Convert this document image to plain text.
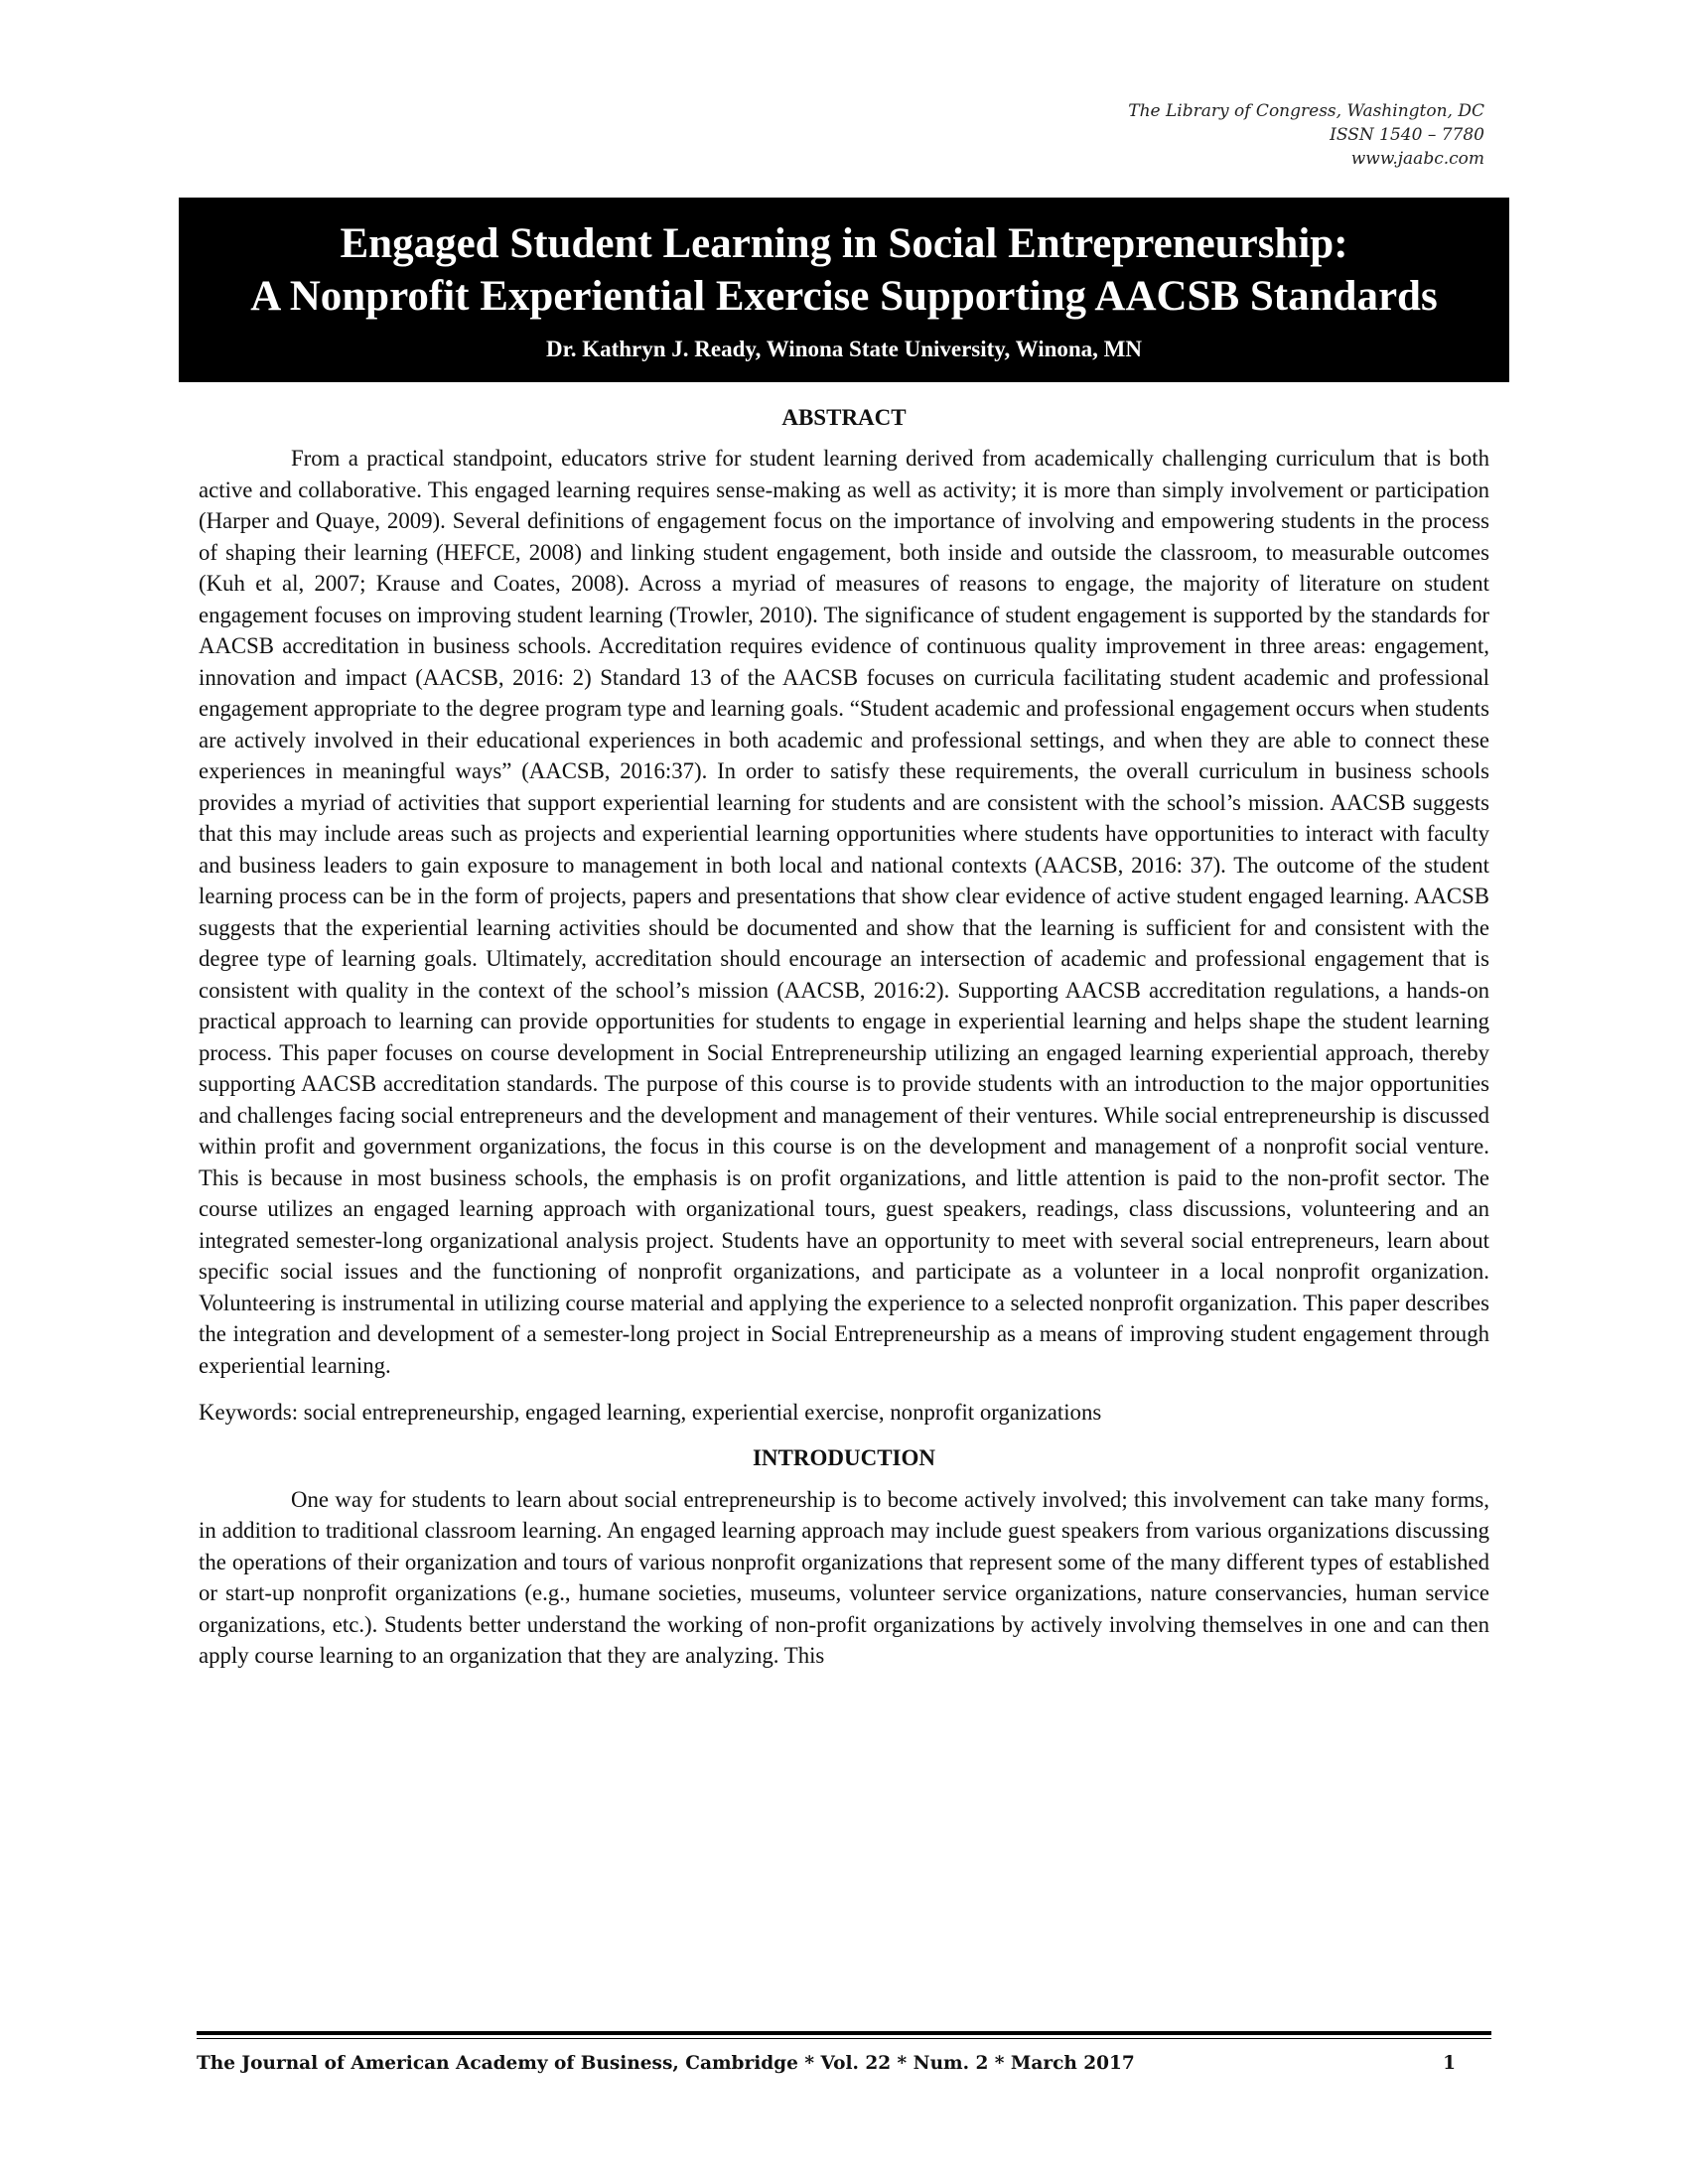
The Library of Congress, Washington, DC
ISSN 1540 – 7780
www.jaabc.com
Engaged Student Learning in Social Entrepreneurship:
A Nonprofit Experiential Exercise Supporting AACSB Standards
Dr. Kathryn J. Ready, Winona State University, Winona, MN
ABSTRACT

From a practical standpoint, educators strive for student learning derived from academically challenging curriculum that is both active and collaborative. This engaged learning requires sense-making as well as activity; it is more than simply involvement or participation (Harper and Quaye, 2009). Several definitions of engagement focus on the importance of involving and empowering students in the process of shaping their learning (HEFCE, 2008) and linking student engagement, both inside and outside the classroom, to measurable outcomes (Kuh et al, 2007; Krause and Coates, 2008). Across a myriad of measures of reasons to engage, the majority of literature on student engagement focuses on improving student learning (Trowler, 2010). The significance of student engagement is supported by the standards for AACSB accreditation in business schools. Accreditation requires evidence of continuous quality improvement in three areas: engagement, innovation and impact (AACSB, 2016: 2) Standard 13 of the AACSB focuses on curricula facilitating student academic and professional engagement appropriate to the degree program type and learning goals. “Student academic and professional engagement occurs when students are actively involved in their educational experiences in both academic and professional settings, and when they are able to connect these experiences in meaningful ways” (AACSB, 2016:37). In order to satisfy these requirements, the overall curriculum in business schools provides a myriad of activities that support experiential learning for students and are consistent with the school’s mission. AACSB suggests that this may include areas such as projects and experiential learning opportunities where students have opportunities to interact with faculty and business leaders to gain exposure to management in both local and national contexts (AACSB, 2016: 37). The outcome of the student learning process can be in the form of projects, papers and presentations that show clear evidence of active student engaged learning. AACSB suggests that the experiential learning activities should be documented and show that the learning is sufficient for and consistent with the degree type of learning goals. Ultimately, accreditation should encourage an intersection of academic and professional engagement that is consistent with quality in the context of the school’s mission (AACSB, 2016:2). Supporting AACSB accreditation regulations, a hands-on practical approach to learning can provide opportunities for students to engage in experiential learning and helps shape the student learning process. This paper focuses on course development in Social Entrepreneurship utilizing an engaged learning experiential approach, thereby supporting AACSB accreditation standards. The purpose of this course is to provide students with an introduction to the major opportunities and challenges facing social entrepreneurs and the development and management of their ventures. While social entrepreneurship is discussed within profit and government organizations, the focus in this course is on the development and management of a nonprofit social venture. This is because in most business schools, the emphasis is on profit organizations, and little attention is paid to the non-profit sector. The course utilizes an engaged learning approach with organizational tours, guest speakers, readings, class discussions, volunteering and an integrated semester-long organizational analysis project. Students have an opportunity to meet with several social entrepreneurs, learn about specific social issues and the functioning of nonprofit organizations, and participate as a volunteer in a local nonprofit organization. Volunteering is instrumental in utilizing course material and applying the experience to a selected nonprofit organization. This paper describes the integration and development of a semester-long project in Social Entrepreneurship as a means of improving student engagement through experiential learning.

Keywords: social entrepreneurship, engaged learning, experiential exercise, nonprofit organizations

INTRODUCTION

One way for students to learn about social entrepreneurship is to become actively involved; this involvement can take many forms, in addition to traditional classroom learning. An engaged learning approach may include guest speakers from various organizations discussing the operations of their organization and tours of various nonprofit organizations that represent some of the many different types of established or start-up nonprofit organizations (e.g., humane societies, museums, volunteer service organizations, nature conservancies, human service organizations, etc.). Students better understand the working of non-profit organizations by actively involving themselves in one and can then apply course learning to an organization that they are analyzing. This

The Journal of American Academy of Business, Cambridge * Vol. 22 * Num. 2 * March 2017	1
